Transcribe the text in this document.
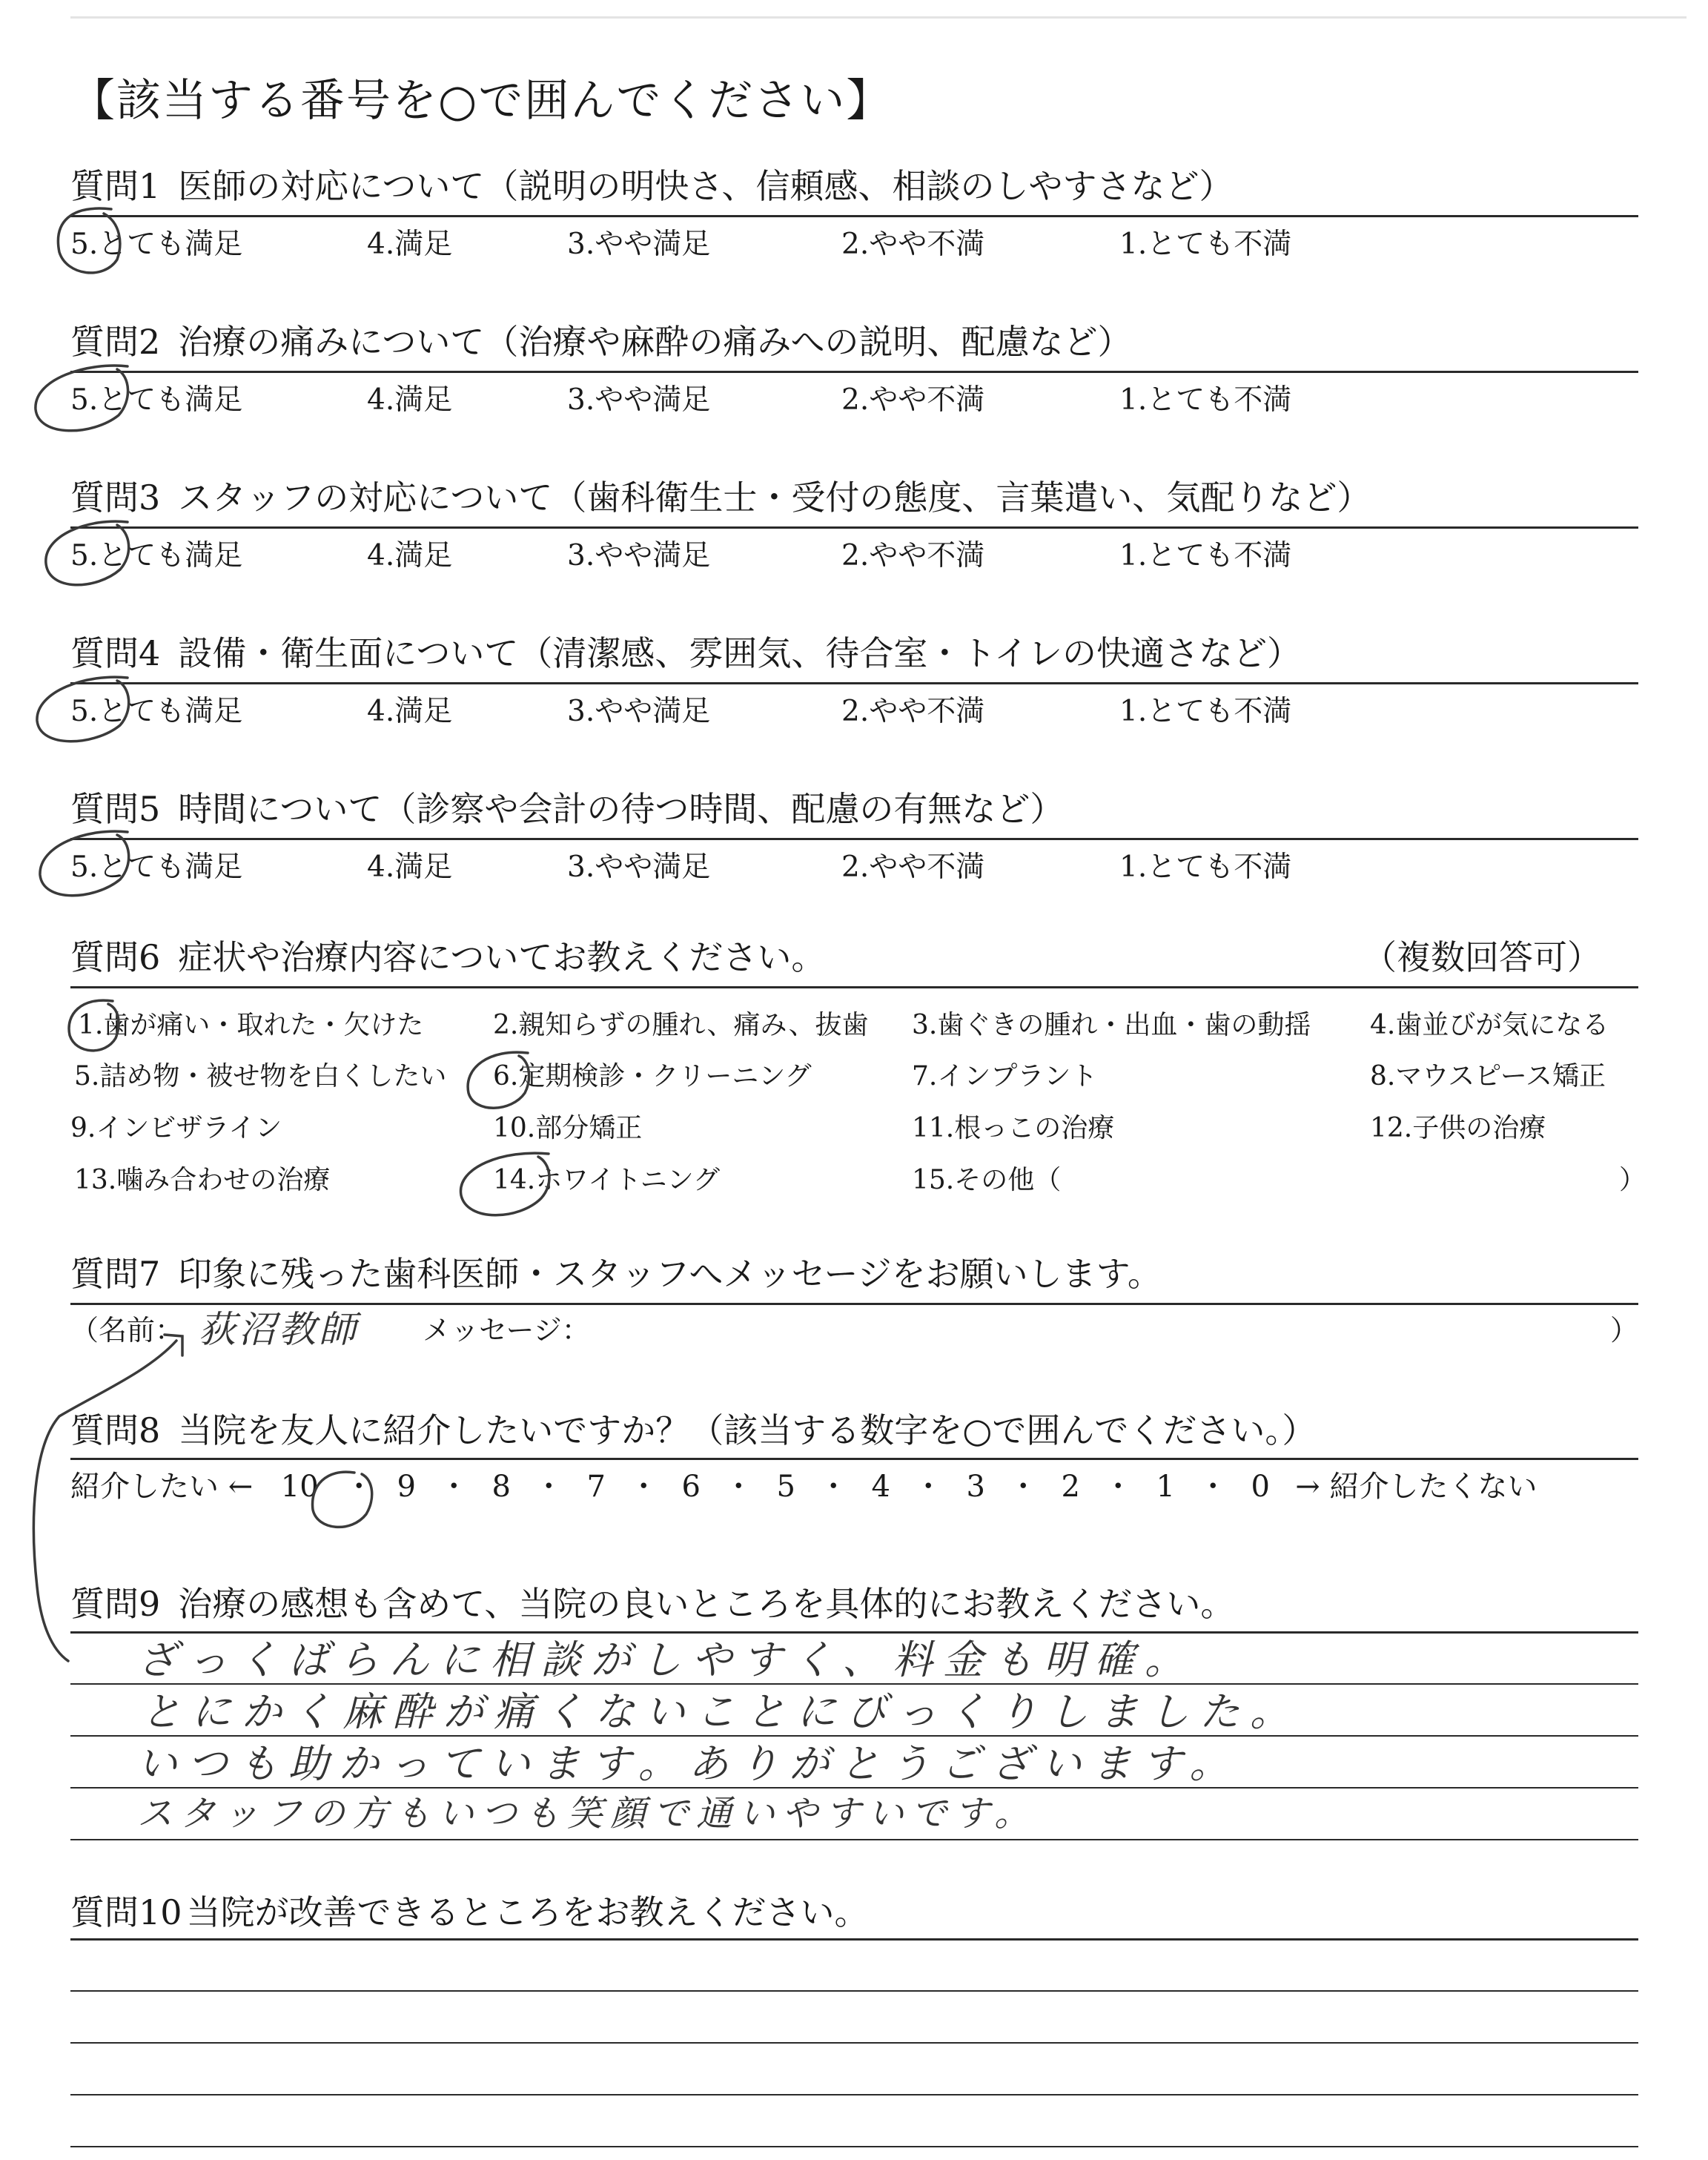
【該当する番号を○で囲んでください】
質問1 医師の対応について（説明の明快さ、信頼感、相談のしやすさなど）
5.とても満足	4.満足	3.やや満足	2.やや不満	1.とても不満
質問2 治療の痛みについて（治療や麻酔の痛みへの説明、配慮など）
5.とても満足	4.満足	3.やや満足	2.やや不満	1.とても不満
質問3 スタッフの対応について（歯科衛生士・受付の態度、言葉遣い、気配りなど）
5.とても満足	4.満足	3.やや満足	2.やや不満	1.とても不満
質問4 設備・衛生面について（清潔感、雰囲気、待合室・トイレの快適さなど）
5.とても満足	4.満足	3.やや満足	2.やや不満	1.とても不満
質問5 時間について（診察や会計の待つ時間、配慮の有無など）
5.とても満足	4.満足	3.やや満足	2.やや不満	1.とても不満
質問6 症状や治療内容についてお教えください。	（複数回答可）
1.歯が痛い・取れた・欠けた	2.親知らずの腫れ、痛み、抜歯 3.歯ぐきの腫れ・出血・歯の動揺 4.歯並びが気になる
5.詰め物・被せ物を白くしたい 6.定期検診・クリーニング	7.インプラント	8.マウスピース矯正
9.インビザライン	10.部分矯正	11.根っこの治療	12.子供の治療
13.噛み合わせの治療	14.ホワイトニング	15.その他（	）
質問7 印象に残った歯科医師・スタッフへメッセージをお願いします。
（名前：	メッセージ：	）
荻沼教師
質問8 当院を友人に紹介したいですか？（該当する数字を○で囲んでください。）
紹介したい ← 10 ・ 9 ・ 8 ・ 7 ・ 6 ・ 5 ・ 4 ・ 3 ・ 2 ・ 1 ・ 0 → 紹介したくない
質問9 治療の感想も含めて、当院の良いところを具体的にお教えください。
ざっくばらんに相談がしやすく、料金も明確。
とにかく麻酔が痛くないことにびっくりしました。
いつも助かっています。ありがとうございます。
スタッフの方もいつも笑顔で通いやすいです。
質問10 当院が改善できるところをお教えください。
